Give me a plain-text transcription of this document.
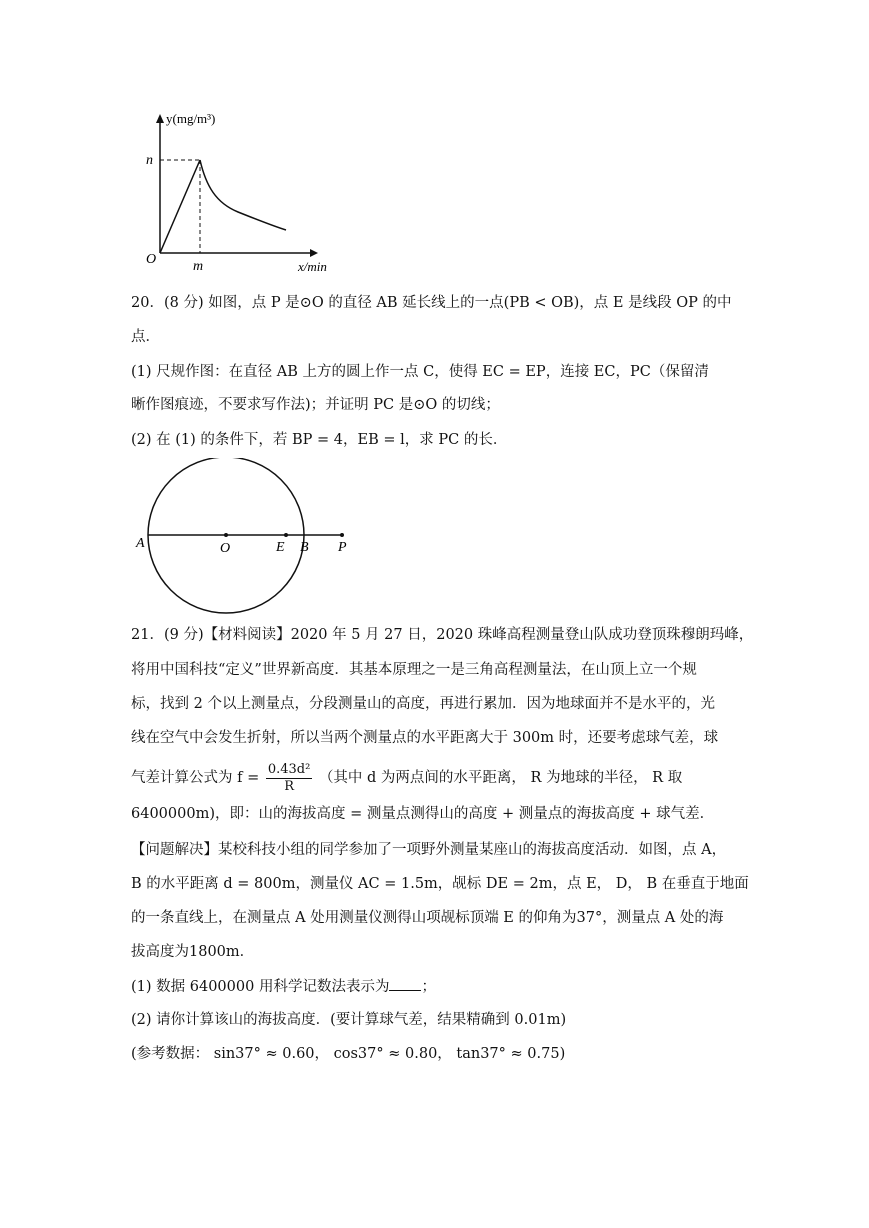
y(mg/m³)
x/min
O
n
m
20．(8 分) 如图，点 P 是⊙O 的直径 AB 延长线上的一点(PB < OB)，点 E 是线段 OP 的中
点．
(1) 尺规作图：在直径 AB 上方的圆上作一点 C，使得 EC = EP，连接 EC，PC（保留清
晰作图痕迹，不要求写作法)；并证明 PC 是⊙O 的切线；
(2) 在 (1) 的条件下，若 BP = 4，EB = l，求 PC 的长．
A	O	E B P
21．(9 分)【材料阅读】2020 年 5 月 27 日，2020 珠峰高程测量登山队成功登顶珠穆朗玛峰，
将用中国科技“定义”世界新高度．其基本原理之一是三角高程测量法，在山顶上立一个规
标，找到 2 个以上测量点，分段测量山的高度，再进行累加．因为地球面并不是水平的，光
线在空气中会发生折射，所以当两个测量点的水平距离大于 300m 时，还要考虑球气差，球
气差计算公式为 $f = \frac{\text{0.43d²}}{R}$ （其中 d 为两点间的水平距离， R 为地球的半径， R 取
6400000m)，即：山的海拔高度 = 测量点测得山的高度 + 测量点的海拔高度 + 球气差．
【问题解决】某校科技小组的同学参加了一项野外测量某座山的海拔高度活动．如图，点 A，
B 的水平距离 d = 800m，测量仪 AC = 1.5m，觇标 DE = 2m，点 E， D， B 在垂直于地面
的一条直线上，在测量点 A 处用测量仪测得山项觇标顶端 E 的仰角为37°，测量点 A 处的海
拔高度为1800m．
(1) 数据 6400000 用科学记数法表示为 ；
(2) 请你计算该山的海拔高度．(要计算球气差，结果精确到 0.01m)
(参考数据： sin37° ≈ 0.60， cos37° ≈ 0.80， tan37° ≈ 0.75)
